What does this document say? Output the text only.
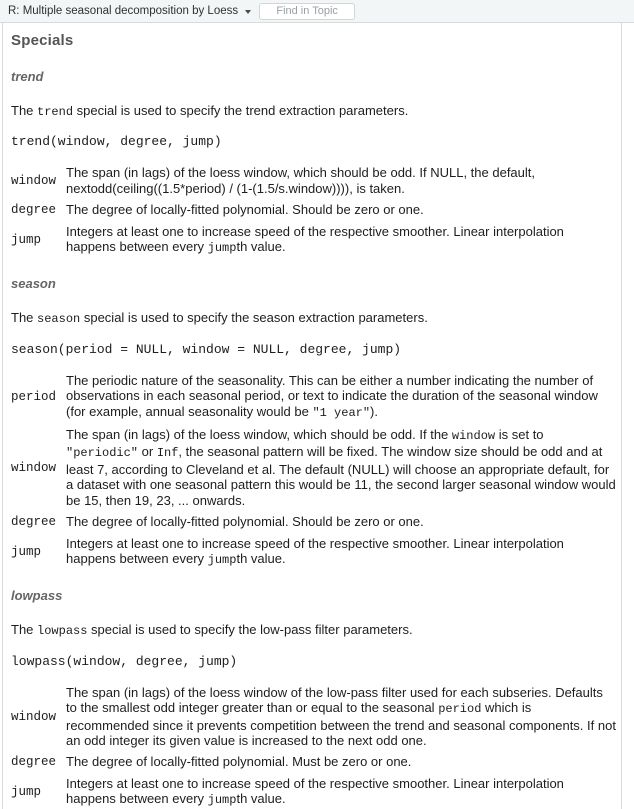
R: Multiple seasonal decomposition by Loess
Find in Topic
Specials
trend

The trend special is used to specify the trend extraction parameters.

trend(window, degree, jump)
window
The span (in lags) of the loess window, which should be odd. If NULL, the default, nextodd(ceiling((1.5*period) / (1-(1.5/s.window)))), is taken.
degree The degree of locally-fitted polynomial. Should be zero or one.
jump
Integers at least one to increase speed of the respective smoother. Linear interpolation happens between every jumpth value.
season

The season special is used to specify the season extraction parameters.

season(period = NULL, window = NULL, degree, jump)
period
The periodic nature of the seasonality. This can be either a number indicating the number of observations in each seasonal period, or text to indicate the duration of the seasonal window (for example, annual seasonality would be "1 year").
window
The span (in lags) of the loess window, which should be odd. If the window is set to "periodic" or Inf, the seasonal pattern will be fixed. The window size should be odd and at least 7, according to Cleveland et al. The default (NULL) will choose an appropriate default, for a dataset with one seasonal pattern this would be 11, the second larger seasonal window would be 15, then 19, 23, ... onwards.
degree The degree of locally-fitted polynomial. Should be zero or one.
jump
Integers at least one to increase speed of the respective smoother. Linear interpolation happens between every jumpth value.
lowpass

The lowpass special is used to specify the low-pass filter parameters.

lowpass(window, degree, jump)
window
The span (in lags) of the loess window of the low-pass filter used for each subseries. Defaults to the smallest odd integer greater than or equal to the seasonal period which is recommended since it prevents competition between the trend and seasonal components. If not an odd integer its given value is increased to the next odd one.
degree The degree of locally-fitted polynomial. Must be zero or one.
jump
Integers at least one to increase speed of the respective smoother. Linear interpolation happens between every jumpth value.
